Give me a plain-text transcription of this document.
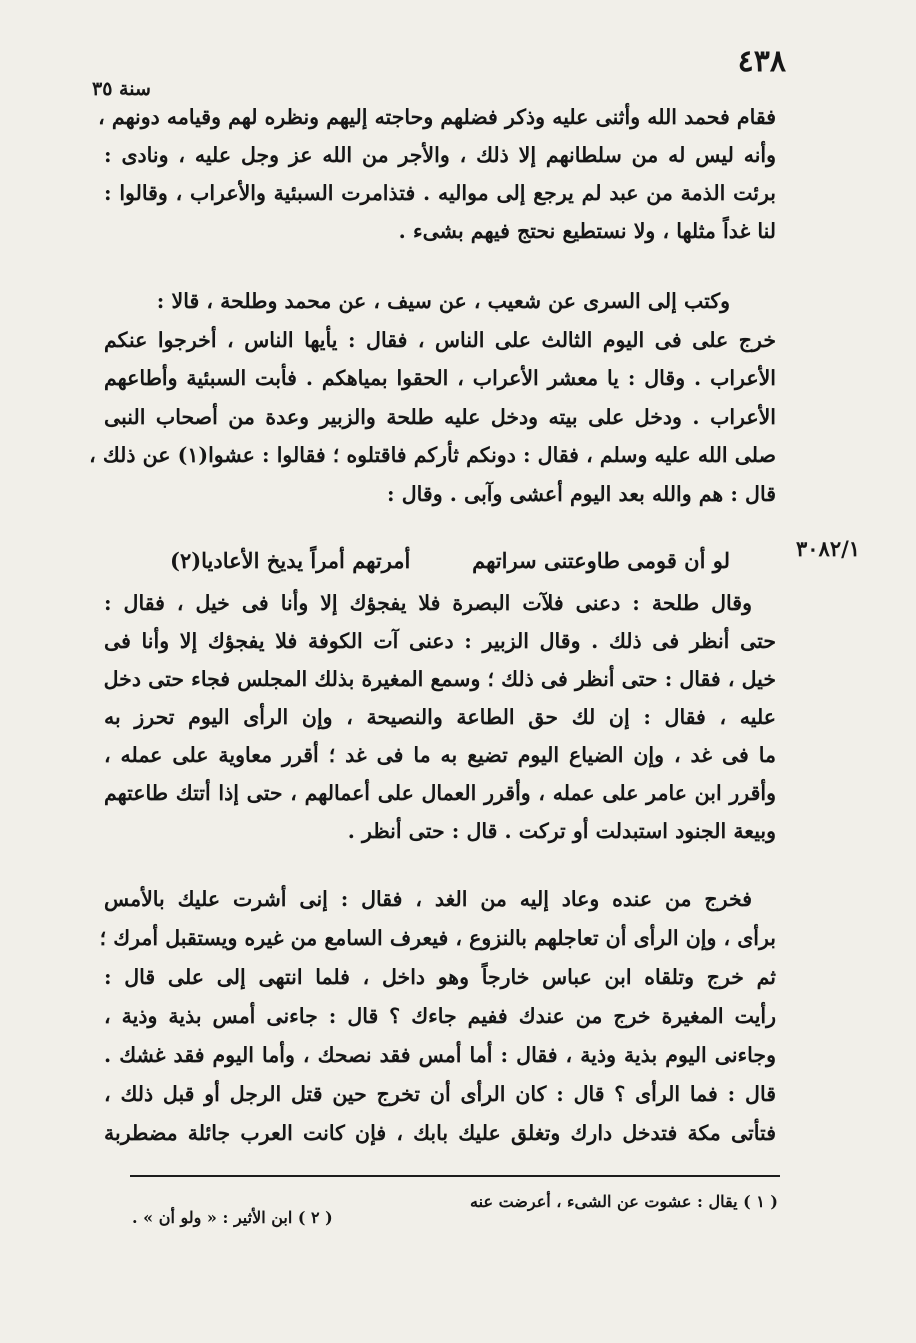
٤٣٨
سنة ٣٥
فقام فحمد الله وأثنى عليه وذكر فضلهم وحاجته إليهم ونظره لهم وقيامه دونهم ،
وأنه ليس له من سلطانهم إلا ذلك ، والأجر من الله عز وجل عليه ، ونادى :
برئت الذمة من عبد لم يرجع إلى مواليه . فتذامرت السبئية والأعراب ، وقالوا :
لنا غداً مثلها ، ولا نستطيع نحتج فيهم بشىء .
وكتب إلى السرى عن شعيب ، عن سيف ، عن محمد وطلحة ، قالا :
خرج على فى اليوم الثالث على الناس ، فقال : يأيها الناس ، أخرجوا عنكم
الأعراب . وقال : يا معشر الأعراب ، الحقوا بمياهكم . فأبت السبئية وأطاعهم
الأعراب . ودخل على بيته ودخل عليه طلحة والزبير وعدة من أصحاب النبى
صلى الله عليه وسلم ، فقال : دونكم ثأركم فاقتلوه ؛ فقالوا : عشوا(١) عن ذلك ،
قال : هم والله بعد اليوم أعشى وآبى . وقال :
لو أن قومى طاوعتنى سراتهم
أمرتهم أمراً يديخ الأعاديا(٢)	٣٠٨٢/١
وقال طلحة : دعنى فلآت البصرة فلا يفجؤك إلا وأنا فى خيل ، فقال :
حتى أنظر فى ذلك . وقال الزبير : دعنى آت الكوفة فلا يفجؤك إلا وأنا فى
خيل ، فقال : حتى أنظر فى ذلك ؛ وسمع المغيرة بذلك المجلس فجاء حتى دخل
عليه ، فقال : إن لك حق الطاعة والنصيحة ، وإن الرأى اليوم تحرز به
ما فى غد ، وإن الضياع اليوم تضيع به ما فى غد ؛ أقرر معاوية على عمله ،
وأقرر ابن عامر على عمله ، وأقرر العمال على أعمالهم ، حتى إذا أتتك طاعتهم
وبيعة الجنود استبدلت أو تركت . قال : حتى أنظر .
فخرج من عنده وعاد إليه من الغد ، فقال : إنى أشرت عليك بالأمس
برأى ، وإن الرأى أن تعاجلهم بالنزوع ، فيعرف السامع من غيره ويستقبل أمرك ؛
ثم خرج وتلقاه ابن عباس خارجاً وهو داخل ، فلما انتهى إلى على قال :
رأيت المغيرة خرج من عندك ففيم جاءك ؟ قال : جاءنى أمس بذية وذية ،
وجاءنى اليوم بذية وذية ، فقال : أما أمس فقد نصحك ، وأما اليوم فقد غشك .
قال : فما الرأى ؟ قال : كان الرأى أن تخرج حين قتل الرجل أو قبل ذلك ،
فتأتى مكة فتدخل دارك وتغلق عليك بابك ، فإن كانت العرب جائلة مضطربة
( ١ ) يقال : عشوت عن الشىء ، أعرضت عنه
( ٢ ) ابن الأثير : « ولو أن » .
